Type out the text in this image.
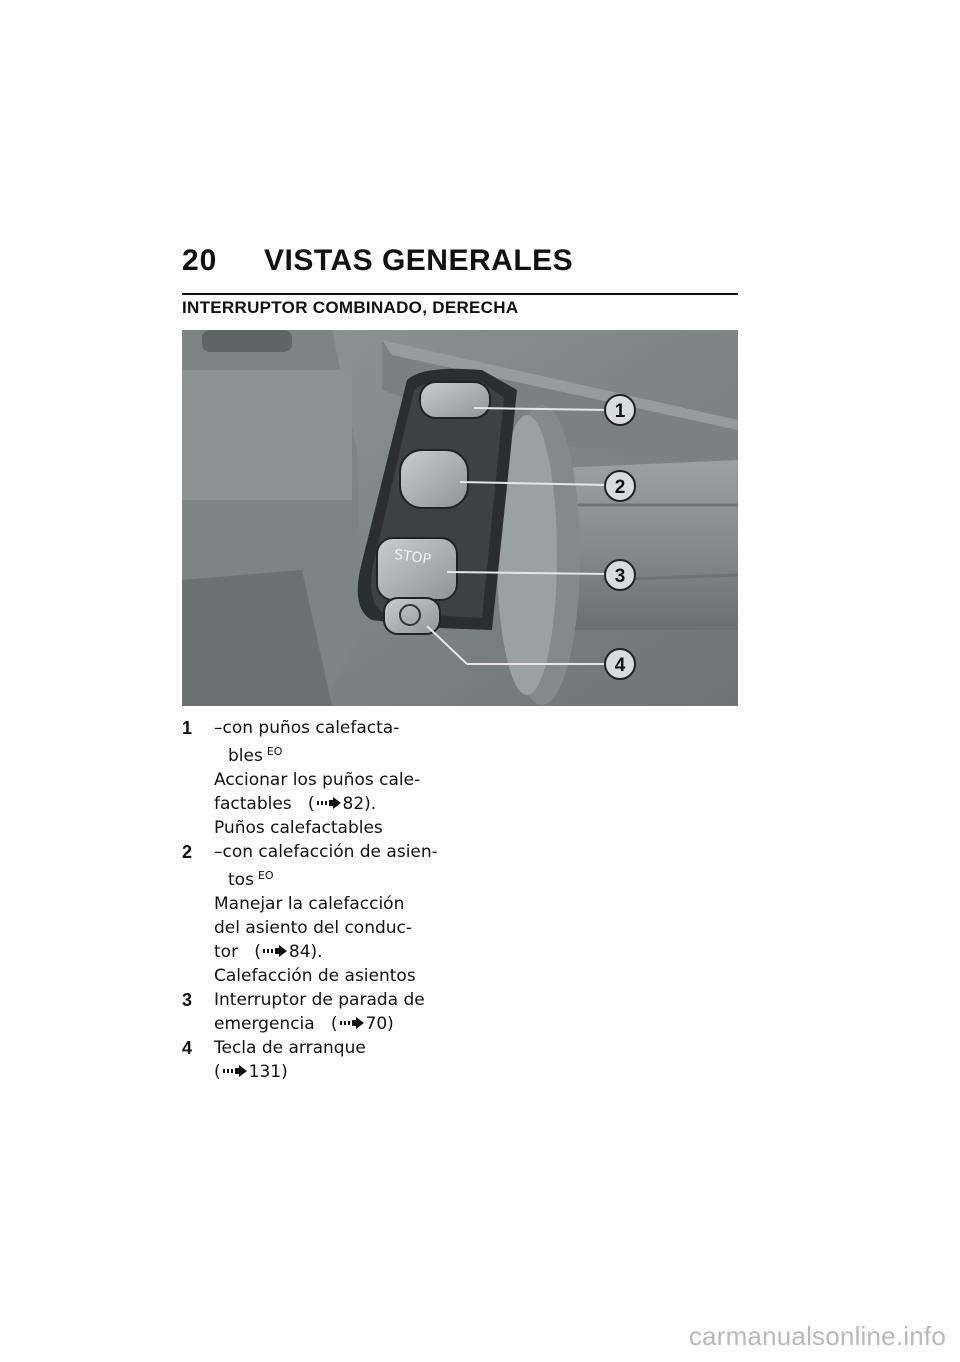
20 VISTAS GENERALES
INTERRUPTOR COMBINADO, DERECHA
STOP
1
2
3
4
1 –con puños calefacta-
bles $^{EO}$
Accionar los puños cale-
factables ( 82).
Puños calefactables
2 –con calefacción de asien-
tos $^{EO}$
Manejar la calefacción
del asiento del conduc-
tor ( 84).
Calefacción de asientos
3 Interruptor de parada de
emergencia ( 70)
4 Tecla de arranque
( 131)
carmanualsonline.info
